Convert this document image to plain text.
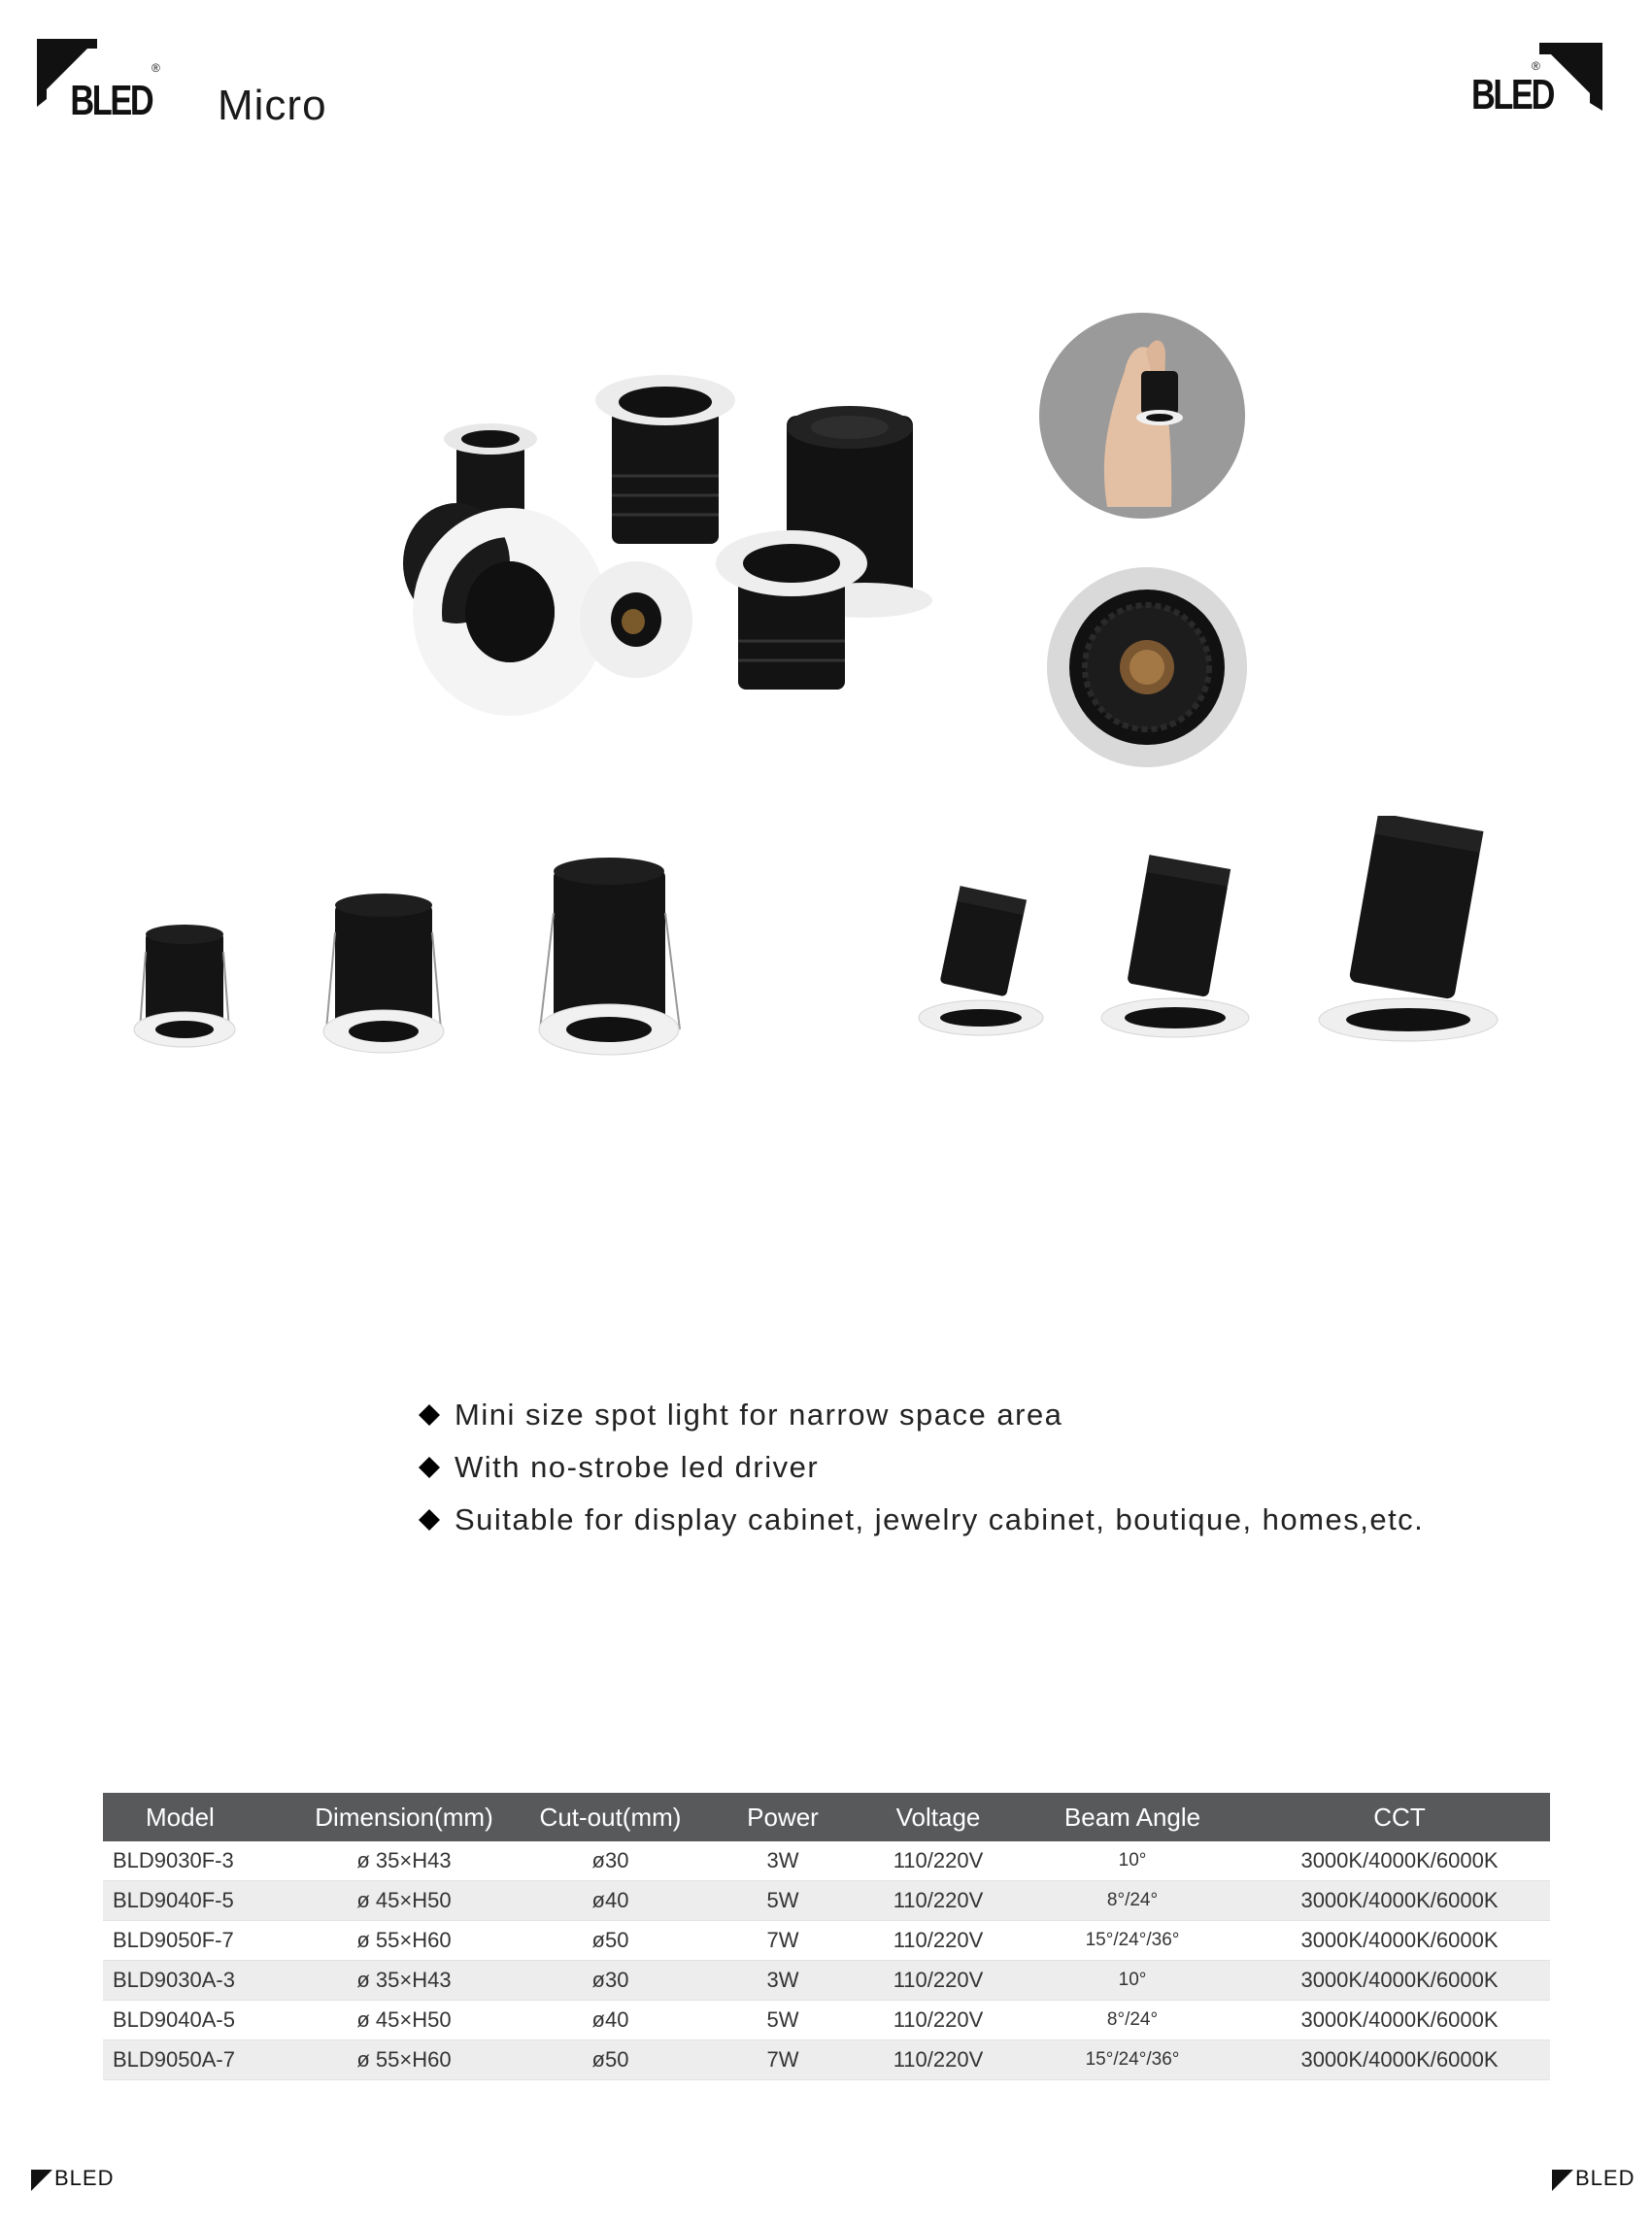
BLED
®
Micro	BLED
®
Mini size spot light for narrow space area
With no-strobe led driver
Suitable for display cabinet, jewelry cabinet, boutique, homes,etc.
Model	Dimension(mm)	Cut-out(mm)	Power	Voltage	Beam Angle	CCT
BLD9030F-3	ø 35×H43	ø30	3W	110/220V	10°	3000K/4000K/6000K
BLD9040F-5	ø 45×H50	ø40	5W	110/220V	8°/24°	3000K/4000K/6000K
BLD9050F-7	ø 55×H60	ø50	7W	110/220V	15°/24°/36°	3000K/4000K/6000K
BLD9030A-3	ø 35×H43	ø30	3W	110/220V	10°	3000K/4000K/6000K
BLD9040A-5	ø 45×H50	ø40	5W	110/220V	8°/24°	3000K/4000K/6000K
BLD9050A-7	ø 55×H60	ø50	7W	110/220V	15°/24°/36°	3000K/4000K/6000K
BLED	BLED
